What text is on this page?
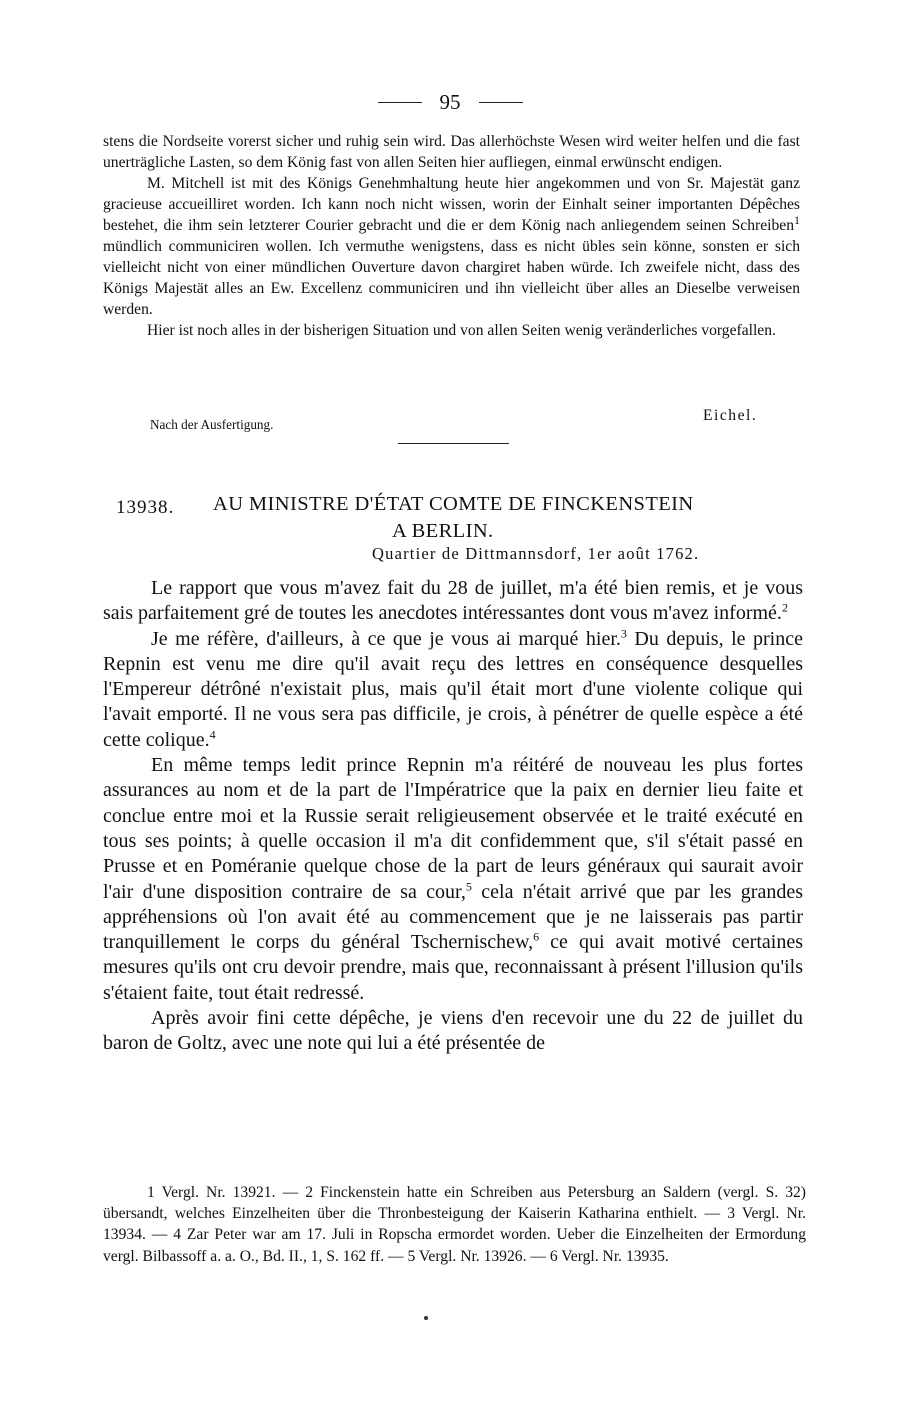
95

stens die Nordseite vorerst sicher und ruhig sein wird. Das allerhöchste Wesen wird weiter helfen und die fast unerträgliche Lasten, so dem König fast von allen Seiten hier aufliegen, einmal erwünscht endigen.

M. Mitchell ist mit des Königs Genehmhaltung heute hier angekommen und von Sr. Majestät ganz gracieuse accueilliret worden. Ich kann noch nicht wissen, worin der Einhalt seiner importanten Dépêches bestehet, die ihm sein letzterer Courier gebracht und die er dem König nach anliegendem seinen Schreiben$^1$ mündlich communiciren wollen. Ich vermuthe wenigstens, dass es nicht übles sein könne, sonsten er sich vielleicht nicht von einer mündlichen Ouverture davon chargiret haben würde. Ich zweifele nicht, dass des Königs Majestät alles an Ew. Excellenz communiciren und ihn vielleicht über alles an Dieselbe verweisen werden.

Hier ist noch alles in der bisherigen Situation und von allen Seiten wenig veränderliches vorgefallen.

Eichel.
Nach der Ausfertigung.
13938. AU MINISTRE D'ÉTAT COMTE DE FINCKENSTEIN
A BERLIN.
Quartier de Dittmannsdorf, 1er août 1762.

Le rapport que vous m'avez fait du 28 de juillet, m'a été bien remis, et je vous sais parfaitement gré de toutes les anecdotes intéressantes dont vous m'avez informé.$^2$

Je me réfère, d'ailleurs, à ce que je vous ai marqué hier.$^3$ Du depuis, le prince Repnin est venu me dire qu'il avait reçu des lettres en conséquence desquelles l'Empereur détrôné n'existait plus, mais qu'il était mort d'une violente colique qui l'avait emporté. Il ne vous sera pas difficile, je crois, à pénétrer de quelle espèce a été cette colique.$^4$

En même temps ledit prince Repnin m'a réitéré de nouveau les plus fortes assurances au nom et de la part de l'Impératrice que la paix en dernier lieu faite et conclue entre moi et la Russie serait religieusement observée et le traité exécuté en tous ses points; à quelle occasion il m'a dit confidemment que, s'il s'était passé en Prusse et en Poméranie quelque chose de la part de leurs généraux qui saurait avoir l'air d'une disposition contraire de sa cour,$^5$ cela n'était arrivé que par les grandes appréhensions où l'on avait été au commencement que je ne laisserais pas partir tranquillement le corps du général Tschernischew,$^6$ ce qui avait motivé certaines mesures qu'ils ont cru devoir prendre, mais que, reconnaissant à présent l'illusion qu'ils s'étaient faite, tout était redressé.

Après avoir fini cette dépêche, je viens d'en recevoir une du 22 de juillet du baron de Goltz, avec une note qui lui a été présentée de

1 Vergl. Nr. 13921. — 2 Finckenstein hatte ein Schreiben aus Petersburg an Saldern (vergl. S. 32) übersandt, welches Einzelheiten über die Thronbesteigung der Kaiserin Katharina enthielt. — 3 Vergl. Nr. 13934. — 4 Zar Peter war am 17. Juli in Ropscha ermordet worden. Ueber die Einzelheiten der Ermordung vergl. Bilbassoff a. a. O., Bd. II., 1, S. 162 ff. — 5 Vergl. Nr. 13926. — 6 Vergl. Nr. 13935.
